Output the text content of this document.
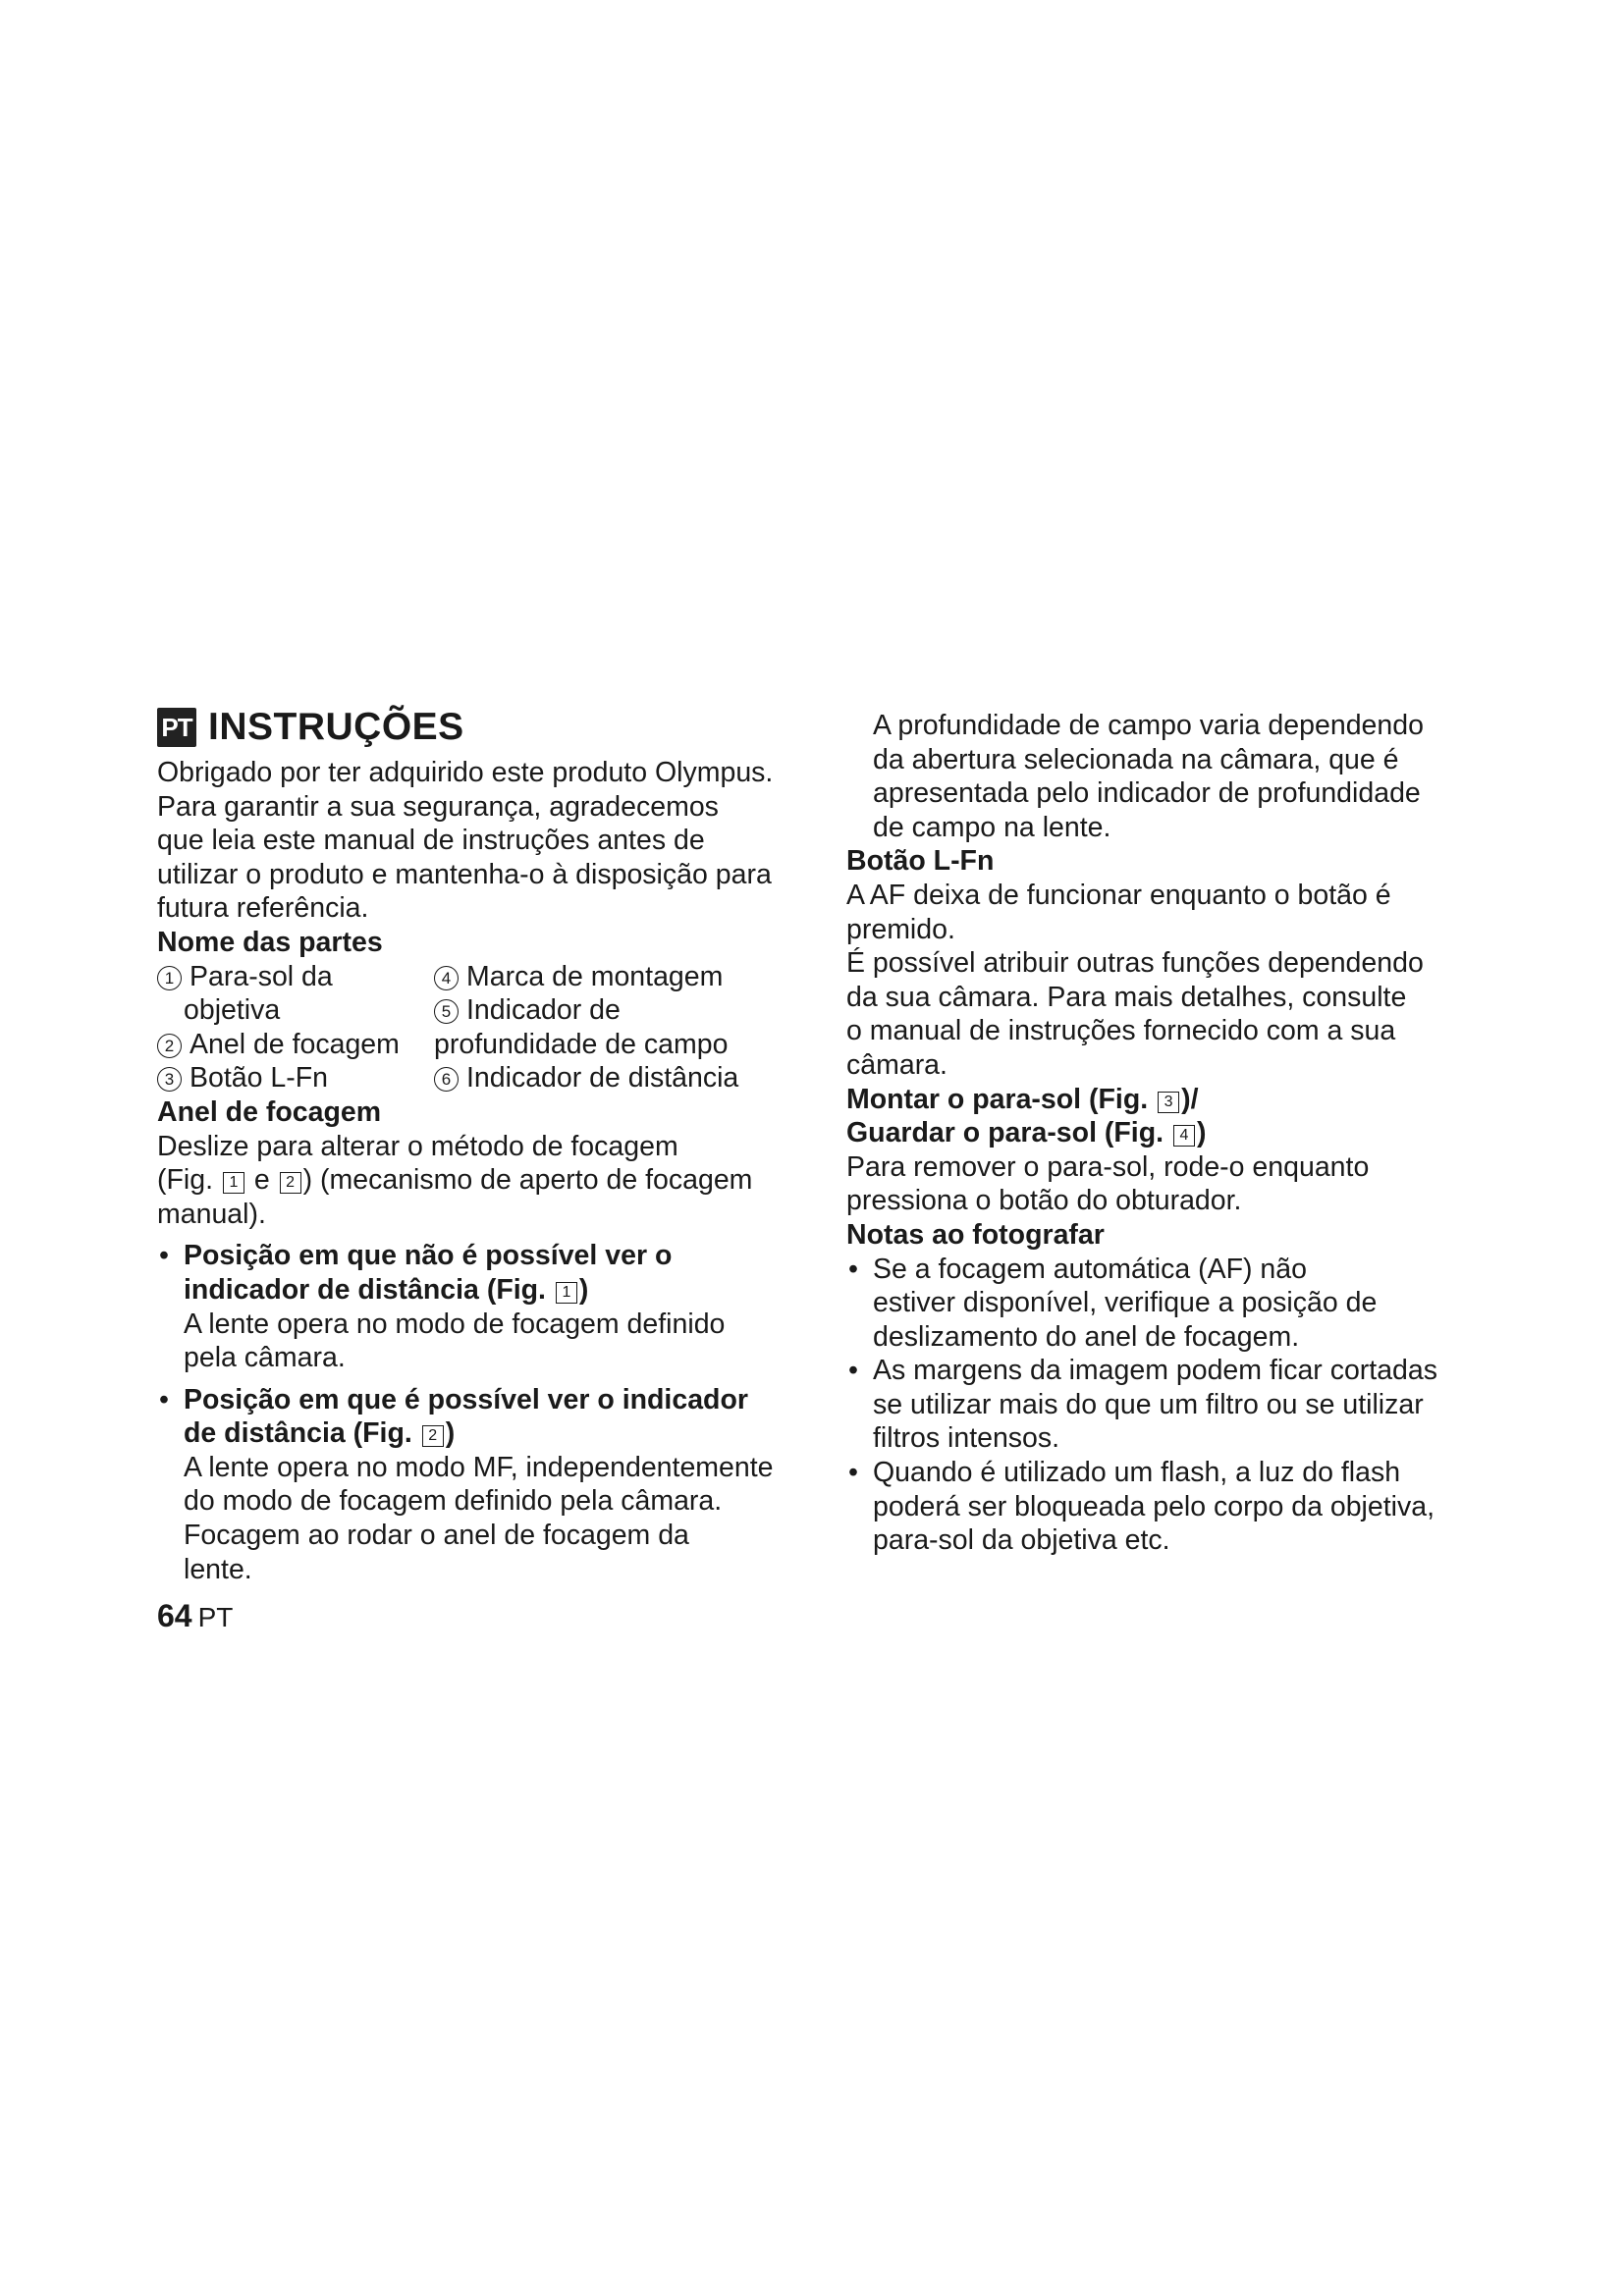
PT INSTRUÇÕES

Obrigado por ter adquirido este produto Olympus.

Para garantir a sua segurança, agradecemos

que leia este manual de instruções antes de

utilizar o produto e mantenha-o à disposição para

futura referência.

Nome das partes

1 Para-sol da	4 Marca de montagem
objetiva	5 Indicador de
2 Anel de focagem	profundidade de campo
3 Botão L-Fn	6 Indicador de distância

Anel de focagem

Deslize para alterar o método de focagem

(Fig. 1 e 2 ) (mecanismo de aperto de focagem

manual).

• Posição em que não é possível ver o

indicador de distância (Fig. 1 )

A lente opera no modo de focagem definido

pela câmara.

• Posição em que é possível ver o indicador

de distância (Fig. 2 )

A lente opera no modo MF, independentemente

do modo de focagem definido pela câmara.

Focagem ao rodar o anel de focagem da

lente.

64 PT

A profundidade de campo varia dependendo

da abertura selecionada na câmara, que é

apresentada pelo indicador de profundidade

de campo na lente.

Botão L-Fn

A AF deixa de funcionar enquanto o botão é

premido.

É possível atribuir outras funções dependendo

da sua câmara. Para mais detalhes, consulte

o manual de instruções fornecido com a sua

câmara.

Montar o para-sol (Fig. 3 )/

Guardar o para-sol (Fig. 4 )

Para remover o para-sol, rode-o enquanto

pressiona o botão do obturador.

Notas ao fotografar

• Se a focagem automática (AF) não

estiver disponível, verifique a posição de

deslizamento do anel de focagem.

• As margens da imagem podem ficar cortadas

se utilizar mais do que um filtro ou se utilizar

filtros intensos.

• Quando é utilizado um flash, a luz do flash

poderá ser bloqueada pelo corpo da objetiva,

para-sol da objetiva etc.
